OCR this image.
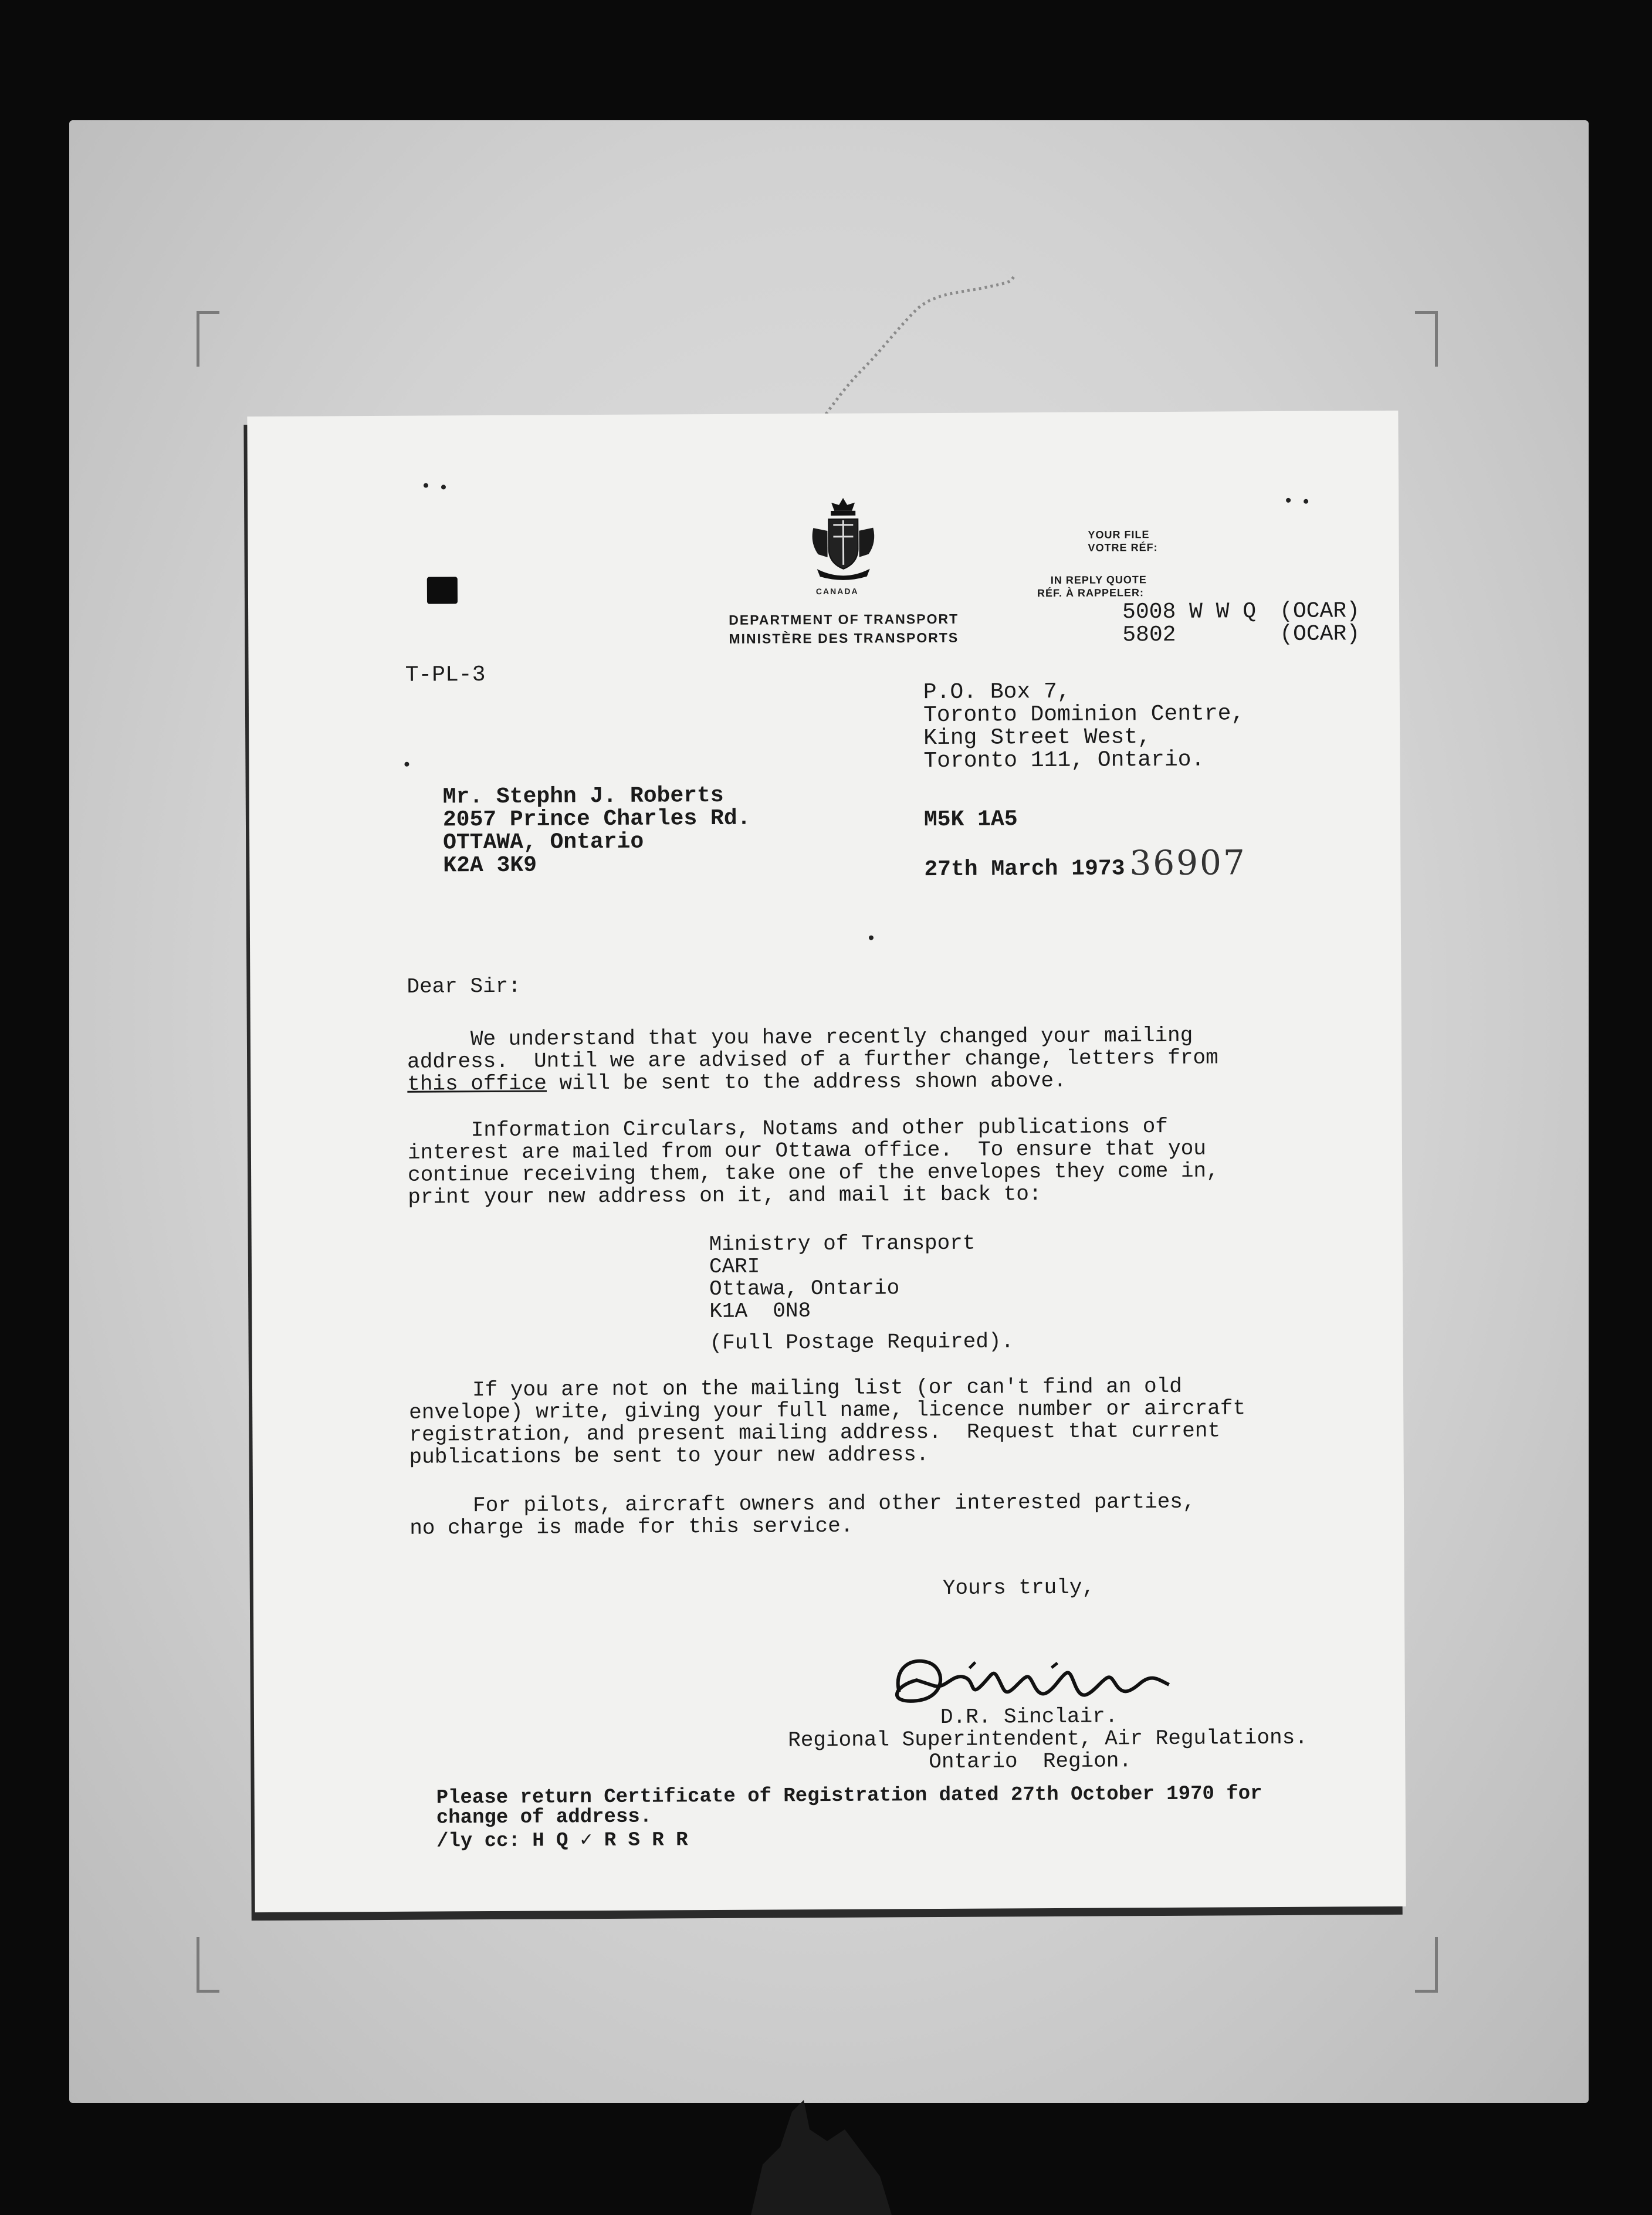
CANADA
DEPARTMENT OF TRANSPORT
MINISTÈRE DES TRANSPORTS
YOUR FILE
VOTRE RÉF:
IN REPLY QUOTE
RÉF. À RAPPELER:
5008 W W Q
5802
(OCAR)
(OCAR)
T-PL-3
P.O. Box 7,
Toronto Dominion Centre,
King Street West,
Toronto 111, Ontario.
Mr. Stephn J. Roberts
2057 Prince Charles Rd.
OTTAWA, Ontario
K2A 3K9
M5K 1A5
27th March 1973 36907
Dear Sir:
We understand that you have recently changed your mailing
address.  Until we are advised of a further change, letters from
this office will be sent to the address shown above.
Information Circulars, Notams and other publications of
interest are mailed from our Ottawa office.  To ensure that you
continue receiving them, take one of the envelopes they come in,
print your new address on it, and mail it back to:
Ministry of Transport
CARI
Ottawa, Ontario
K1A  0N8
(Full Postage Required).
If you are not on the mailing list (or can't find an old
envelope) write, giving your full name, licence number or aircraft
registration, and present mailing address.  Request that current
publications be sent to your new address.
For pilots, aircraft owners and other interested parties,
no charge is made for this service.
Yours truly,
D.R. Sinclair.
Regional Superintendent, Air Regulations.
Ontario  Region.
Please return Certificate of Registration dated 27th October 1970 for
change of address.
/ly cc: H Q ✓ R S R R
